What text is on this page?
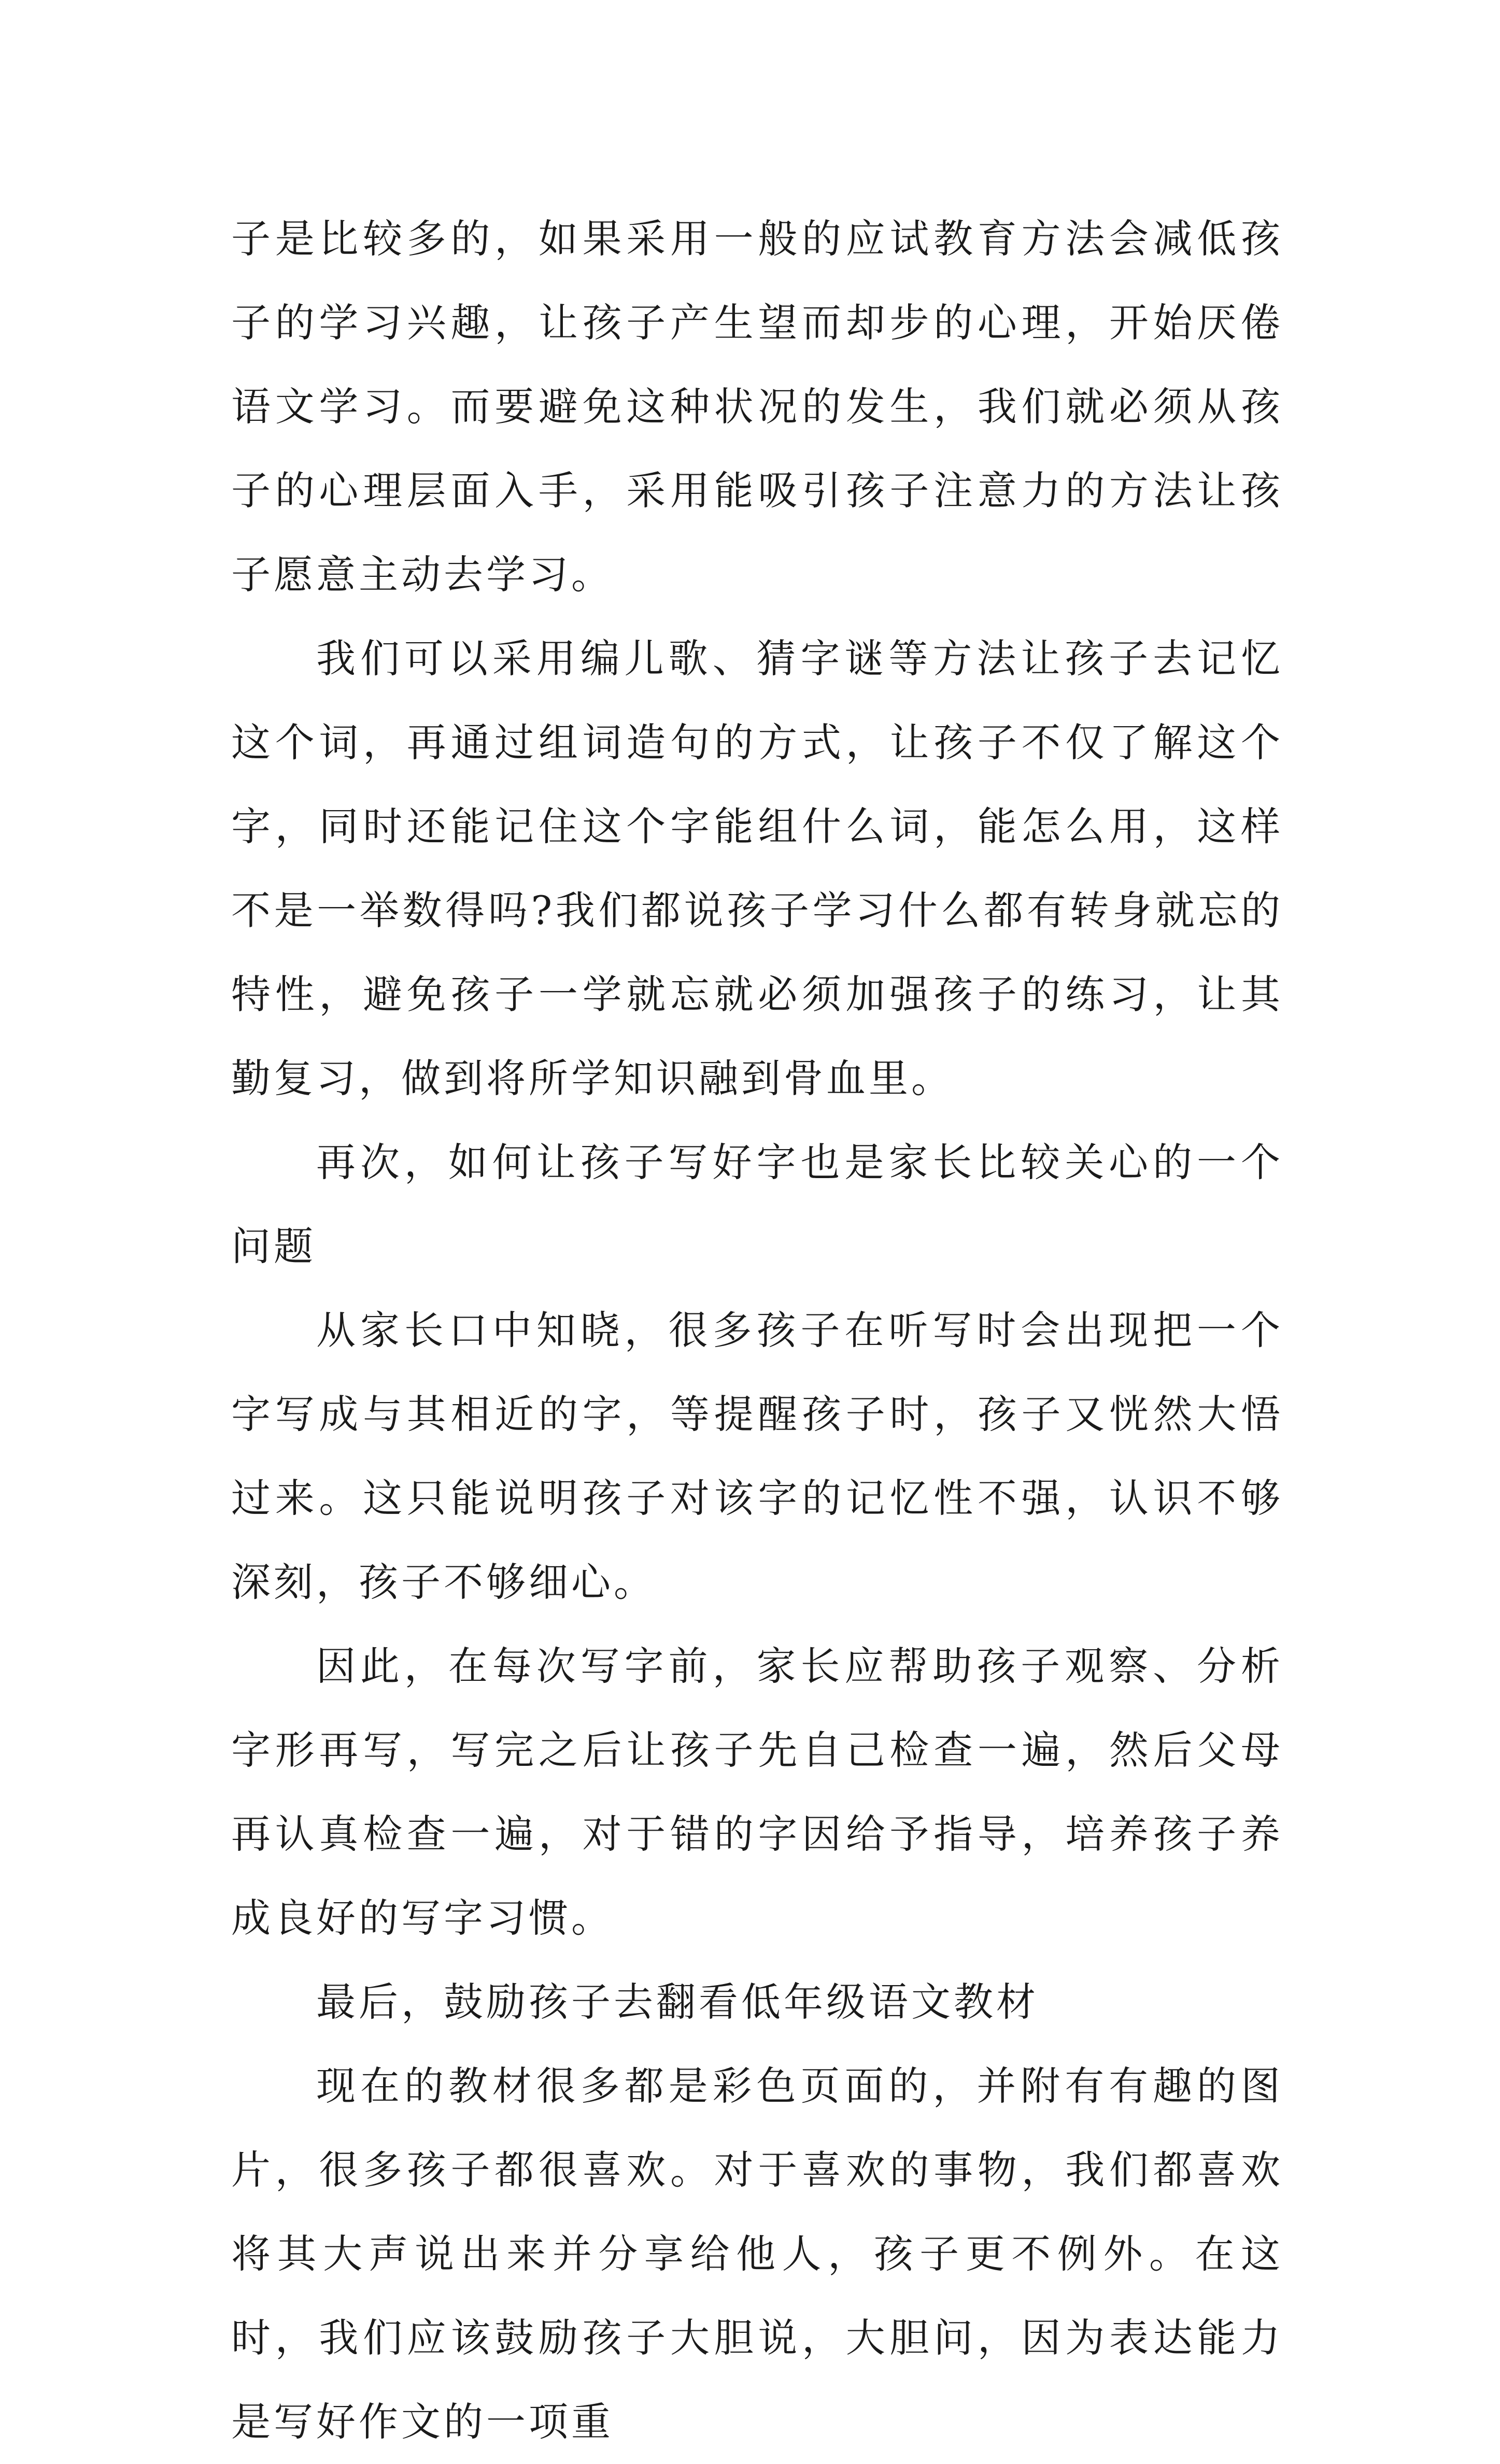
子是比较多的，如果采用一般的应试教育方法会减低孩子的学习兴趣，让孩子产生望而却步的心理，开始厌倦语文学习。而要避免这种状况的发生，我们就必须从孩子的心理层面入手，采用能吸引孩子注意力的方法让孩子愿意主动去学习。

我们可以采用编儿歌、猜字谜等方法让孩子去记忆这个词，再通过组词造句的方式，让孩子不仅了解这个字，同时还能记住这个字能组什么词，能怎么用，这样不是一举数得吗?我们都说孩子学习什么都有转身就忘的特性，避免孩子一学就忘就必须加强孩子的练习，让其勤复习，做到将所学知识融到骨血里。

再次，如何让孩子写好字也是家长比较关心的一个问题

从家长口中知晓，很多孩子在听写时会出现把一个字写成与其相近的字，等提醒孩子时，孩子又恍然大悟过来。这只能说明孩子对该字的记忆性不强，认识不够深刻，孩子不够细心。

因此，在每次写字前，家长应帮助孩子观察、分析字形再写，写完之后让孩子先自己检查一遍，然后父母再认真检查一遍，对于错的字因给予指导，培养孩子养成良好的写字习惯。

最后，鼓励孩子去翻看低年级语文教材

现在的教材很多都是彩色页面的，并附有有趣的图片，很多孩子都很喜欢。对于喜欢的事物，我们都喜欢将其大声说出来并分享给他人，孩子更不例外。在这时，我们应该鼓励孩子大胆说，大胆问，因为表达能力是写好作文的一项重
